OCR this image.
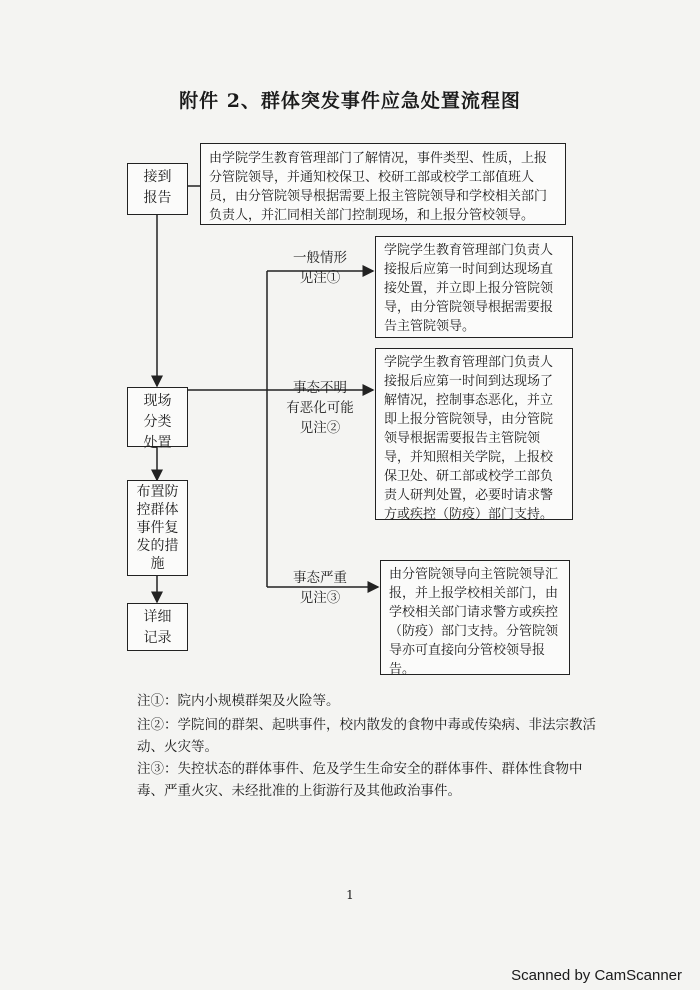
附件 2、群体突发事件应急处置流程图
接到
报告
由学院学生教育管理部门了解情况，事件类型、性质，上报分管院领导，并通知校保卫、校研工部或校学工部值班人员，由分管院领导根据需要上报主管院领导和学校相关部门负责人，并汇同相关部门控制现场，和上报分管校领导。
现场
分类
处置
布置防
控群体
事件复
发的措
施
详细
记录
一般情形
见注①
事态不明
有恶化可能
见注②
事态严重
见注③
学院学生教育管理部门负责人接报后应第一时间到达现场直接处置，并立即上报分管院领导，由分管院领导根据需要报告主管院领导。
学院学生教育管理部门负责人接报后应第一时间到达现场了解情况，控制事态恶化，并立即上报分管院领导，由分管院领导根据需要报告主管院领导，并知照相关学院，上报校保卫处、研工部或校学工部负责人研判处置，必要时请求警方或疾控（防疫）部门支持。
由分管院领导向主管院领导汇报，并上报学校相关部门，由学校相关部门请求警方或疾控（防疫）部门支持。分管院领导亦可直接向分管校领导报告。
注①：院内小规模群架及火险等。
注②：学院间的群架、起哄事件，校内散发的食物中毒或传染病、非法宗教活动、火灾等。
注③：失控状态的群体事件、危及学生生命安全的群体事件、群体性食物中毒、严重火灾、未经批准的上街游行及其他政治事件。
1
Scanned by CamScanner
